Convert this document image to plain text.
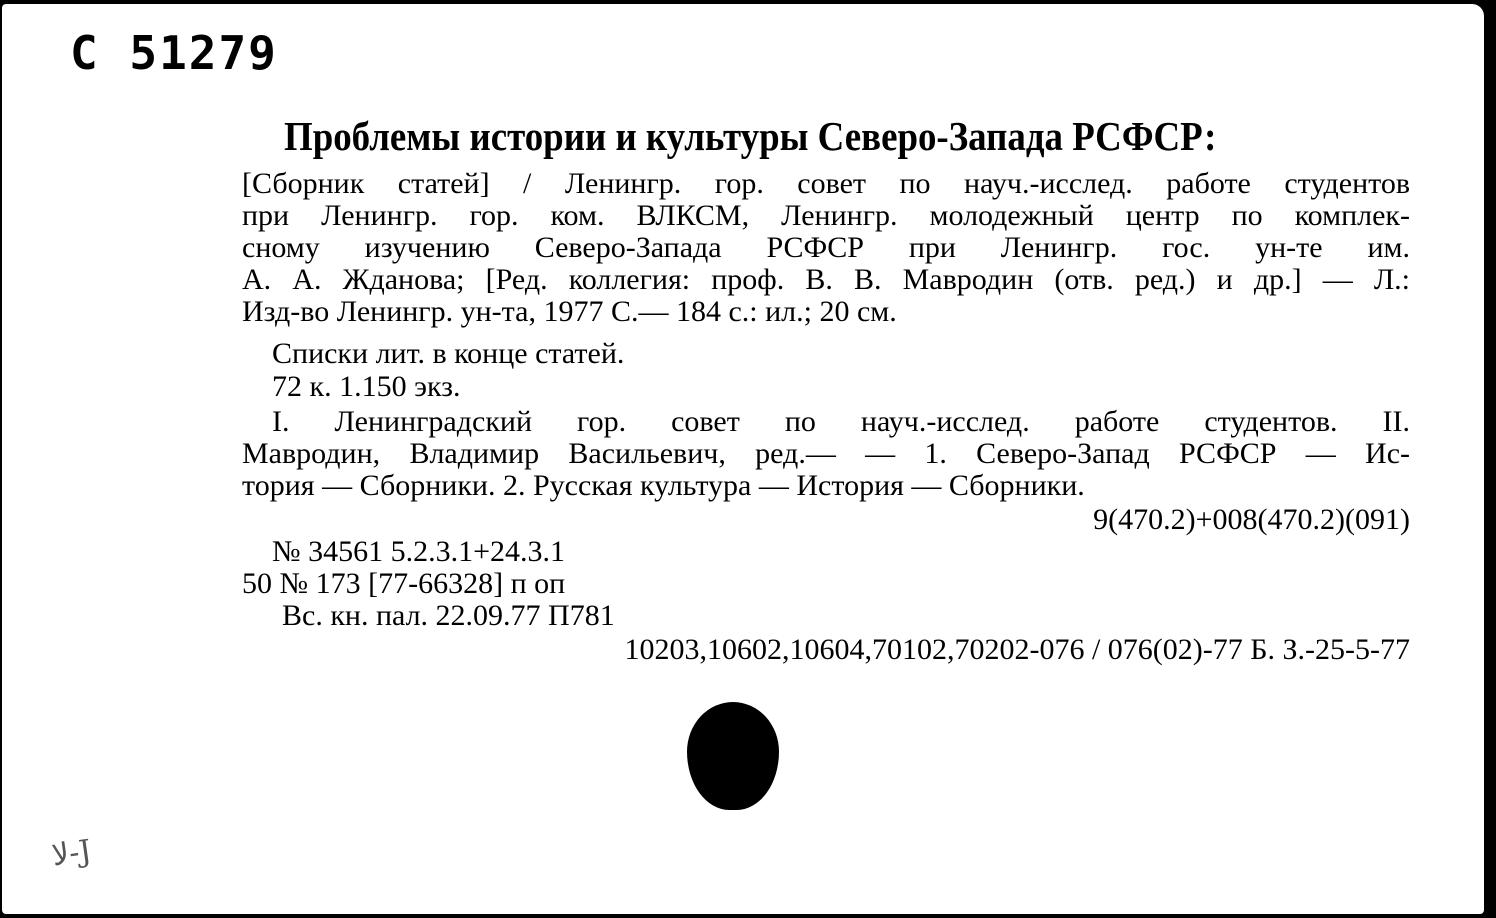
С 51279
Проблемы истории и культуры Северо-Запада РСФСР:
[Сборник статей] / Ленингр. гор. совет по науч.-исслед. работе студентов
при Ленингр. гор. ком. ВЛКСМ, Ленингр. молодежный центр по комплек-
сному изучению Северо-Запада РСФСР при Ленингр. гос. ун-те им.
А. А. Жданова; [Ред. коллегия: проф. В. В. Мавродин (отв. ред.) и др.] — Л.:
Изд-во Ленингр. ун-та, 1977 С.— 184 с.: ил.; 20 см.
Списки лит. в конце статей.
72 к. 1.150 экз.
I. Ленинградский гор. совет по науч.-исслед. работе студентов. II.
Мавродин, Владимир Васильевич, ред.— — 1. Северо-Запад РСФСР — Ис-
тория — Сборники. 2. Русская культура — История — Сборники.
9(470.2)+008(470.2)(091)
№ 34561 5.2.3.1+24.3.1
50 № 173 [77-66328] п оп
Вс. кн. пал. 22.09.77 П781
10203,10602,10604,70102,70202-076 / 076(02)-77 Б. З.-25-5-77
ﻻ-J
